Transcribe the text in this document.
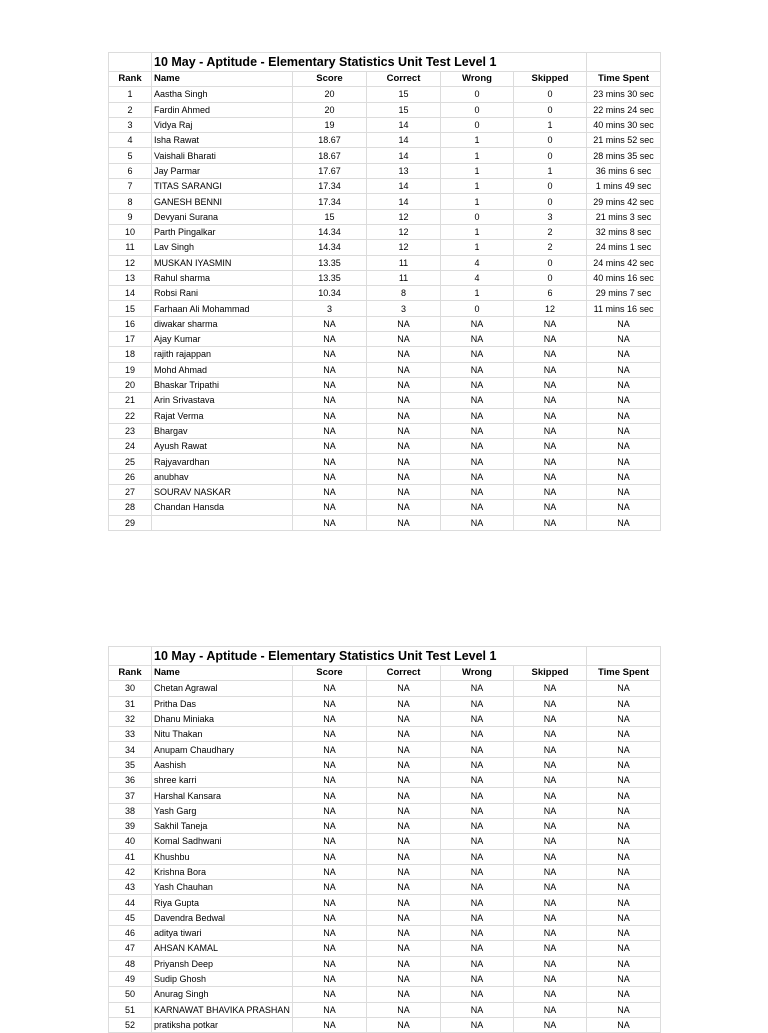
	10 May - Aptitude - Elementary Statistics Unit Test Level 1					
Rank	Name	Score	Correct	Wrong	Skipped	Time Spent
1	Aastha Singh	20	15	0	0	23 mins 30 sec
2	Fardin Ahmed	20	15	0	0	22 mins 24 sec
3	Vidya Raj	19	14	0	1	40 mins 30 sec
4	Isha Rawat	18.67	14	1	0	21 mins 52 sec
5	Vaishali Bharati	18.67	14	1	0	28 mins 35 sec
6	Jay Parmar	17.67	13	1	1	36 mins 6 sec
7	TITAS SARANGI	17.34	14	1	0	1 mins 49 sec
8	GANESH BENNI	17.34	14	1	0	29 mins 42 sec
9	Devyani Surana	15	12	0	3	21 mins 3 sec
10	Parth Pingalkar	14.34	12	1	2	32 mins 8 sec
11	Lav Singh	14.34	12	1	2	24 mins 1 sec
12	MUSKAN IYASMIN	13.35	11	4	0	24 mins 42 sec
13	Rahul sharma	13.35	11	4	0	40 mins 16 sec
14	Robsi Rani	10.34	8	1	6	29 mins 7 sec
15	Farhaan Ali Mohammad	3	3	0	12	11 mins 16 sec
16	diwakar sharma	NA	NA	NA	NA	NA
17	Ajay Kumar	NA	NA	NA	NA	NA
18	rajith rajappan	NA	NA	NA	NA	NA
19	Mohd Ahmad	NA	NA	NA	NA	NA
20	Bhaskar Tripathi	NA	NA	NA	NA	NA
21	Arin Srivastava	NA	NA	NA	NA	NA
22	Rajat Verma	NA	NA	NA	NA	NA
23	Bhargav	NA	NA	NA	NA	NA
24	Ayush Rawat	NA	NA	NA	NA	NA
25	Rajyavardhan	NA	NA	NA	NA	NA
26	anubhav	NA	NA	NA	NA	NA
27	SOURAV NASKAR	NA	NA	NA	NA	NA
28	Chandan Hansda	NA	NA	NA	NA	NA
29		NA	NA	NA	NA	NA
	10 May - Aptitude - Elementary Statistics Unit Test Level 1					
Rank	Name	Score	Correct	Wrong	Skipped	Time Spent
30	Chetan Agrawal	NA	NA	NA	NA	NA
31	Pritha Das	NA	NA	NA	NA	NA
32	Dhanu Miniaka	NA	NA	NA	NA	NA
33	Nitu Thakan	NA	NA	NA	NA	NA
34	Anupam Chaudhary	NA	NA	NA	NA	NA
35	Aashish	NA	NA	NA	NA	NA
36	shree karri	NA	NA	NA	NA	NA
37	Harshal Kansara	NA	NA	NA	NA	NA
38	Yash Garg	NA	NA	NA	NA	NA
39	Sakhil Taneja	NA	NA	NA	NA	NA
40	Komal Sadhwani	NA	NA	NA	NA	NA
41	Khushbu	NA	NA	NA	NA	NA
42	Krishna Bora	NA	NA	NA	NA	NA
43	Yash Chauhan	NA	NA	NA	NA	NA
44	Riya Gupta	NA	NA	NA	NA	NA
45	Davendra Bedwal	NA	NA	NA	NA	NA
46	aditya tiwari	NA	NA	NA	NA	NA
47	AHSAN KAMAL	NA	NA	NA	NA	NA
48	Priyansh Deep	NA	NA	NA	NA	NA
49	Sudip Ghosh	NA	NA	NA	NA	NA
50	Anurag Singh	NA	NA	NA	NA	NA
51	KARNAWAT BHAVIKA PRASHAN	NA	NA	NA	NA	NA
52	pratiksha potkar	NA	NA	NA	NA	NA
